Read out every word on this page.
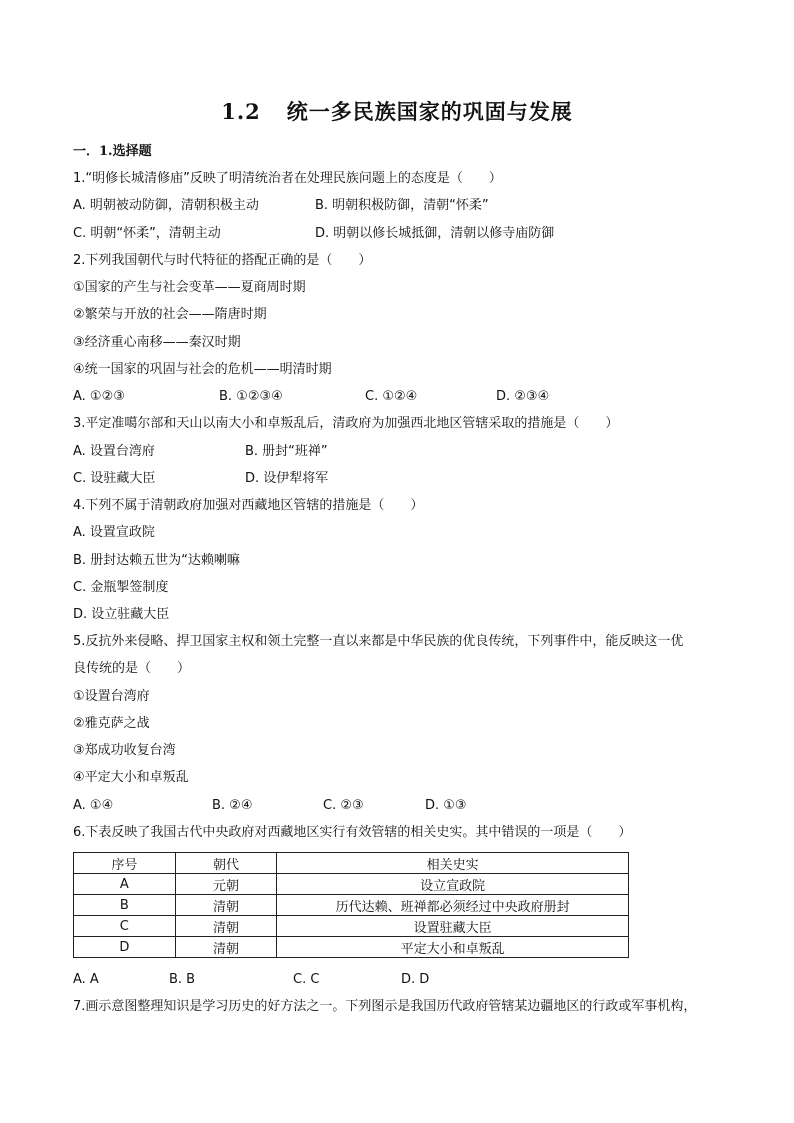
1.2 统一多民族国家的巩固与发展
一．1.选择题
1.“明修长城清修庙”反映了明清统治者在处理民族问题上的态度是（　　）
A. 明朝被动防御，清朝积极主动	B. 明朝积极防御，清朝“怀柔”
C. 明朝“怀柔”，清朝主动	D. 明朝以修长城抵御，清朝以修寺庙防御
2.下列我国朝代与时代特征的搭配正确的是（　　）
①国家的产生与社会变革——夏商周时期
②繁荣与开放的社会——隋唐时期
③经济重心南移——秦汉时期
④统一国家的巩固与社会的危机——明清时期
A. ①②③	B. ①②③④	C. ①②④	D. ②③④
3.平定准噶尔部和天山以南大小和卓叛乱后，清政府为加强西北地区管辖采取的措施是（　　）
A. 设置台湾府	B. 册封“班禅”
C. 设驻藏大臣	D. 设伊犁将军
4.下列不属于清朝政府加强对西藏地区管辖的措施是（　　）
A. 设置宣政院
B. 册封达赖五世为“达赖喇嘛
C. 金瓶掣签制度
D. 设立驻藏大臣
5.反抗外来侵略、捍卫国家主权和领土完整一直以来都是中华民族的优良传统，下列事件中，能反映这一优
良传统的是（　　）
①设置台湾府
②雅克萨之战
③郑成功收复台湾
④平定大小和卓叛乱
A. ①④	B. ②④	C. ②③	D. ①③
6.下表反映了我国古代中央政府对西藏地区实行有效管辖的相关史实。其中错误的一项是（　　）
序号	朝代	相关史实
A	元朝	设立宣政院
B	清朝	历代达赖、班禅都必须经过中央政府册封
C	清朝	设置驻藏大臣
D	清朝	平定大小和卓叛乱
A. A	B. B	C. C	D. D
7.画示意图整理知识是学习历史的好方法之一。下列图示是我国历代政府管辖某边疆地区的行政或军事机构，
